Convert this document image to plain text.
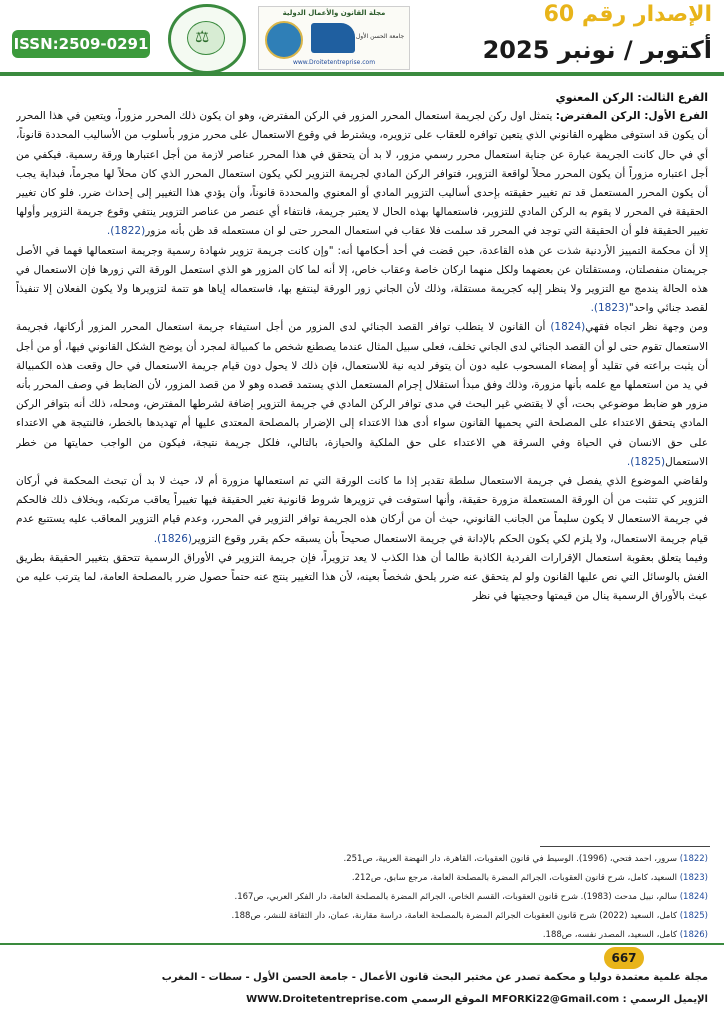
الإصدار رقم 60
أكتوبر / نونبر 2025
مجلة القانون والأعمال الدولية
جامعة الحسن الأول
www.Droitetentreprise.com
⚖
ISSN:2509-0291
الفرع الثالث: الركن المعنوي

الفرع الأول: الركن المفترض: يتمثل اول ركن لجريمة استعمال المحرر المزور في الركن المفترض، وهو ان يكون ذلك المحرر مزوراً، ويتعين في هذا المحرر أن يكون قد استوفى مظهره القانوني الذي يتعين توافره للعقاب على تزويره، ويشترط في وقوع الاستعمال على محرر مزور بأسلوب من الأساليب المحددة قانوناً، أي في حال كانت الجريمة عبارة عن جناية استعمال محرر رسمي مزور، لا بد أن يتحقق في هذا المحرر عناصر لازمة من أجل اعتبارها ورقة رسمية. فيكفي من أجل اعتباره مزوراً أن يكون المحرر محلاً لواقعة التزوير، فتوافر الركن المادي لجريمة التزوير لكي يكون استعمال المحرر الذي كان محلاً لها مجرماً، فبداية يجب أن يكون المحرر المستعمل قد تم تغيير حقيقته بإحدى أساليب التزوير المادي أو المعنوي والمحددة قانوناً، وأن يؤدي هذا التغيير إلى إحداث ضرر. فلو كان تغيير الحقيقة في المحرر لا يقوم به الركن المادي للتزوير، فاستعمالها بهذه الحال لا يعتبر جريمة، فانتفاء أي عنصر من عناصر التزوير ينتفي وقوع جريمة التزوير وأولها تغيير الحقيقة فلو أن الحقيقة التي توجد في المحرر قد سلمت فلا عقاب في استعمال المحرر حتى لو ان مستعمله قد ظن بأنه مزور(1822).

إلا أن محكمة التمييز الأردنية شذت عن هذه القاعدة، حين قضت في أحد أحكامها أنه: "وإن كانت جريمة تزوير شهادة رسمية وجريمة استعمالها فهما في الأصل جريمتان منفصلتان، ومستقلتان عن بعضهما ولكل منهما اركان خاصة وعقاب خاص، إلا أنه لما كان المزور هو الذي استعمل الورقة التي زورها فإن الاستعمال في هذه الحالة يندمج مع التزوير ولا ينظر إليه كجريمة مستقلة، وذلك لأن الجاني زور الورقة لينتفع بها، فاستعماله إياها هو تتمة لتزويرها ولا يكون الفعلان إلا تنفيذاً لقصد جنائي واحد"(1823).

ومن وجهة نظر اتجاه فقهي(1824) أن القانون لا يتطلب توافر القصد الجنائي لدى المزور من أجل استيفاء جريمة استعمال المحرر المزور أركانها، فجريمة الاستعمال تقوم حتى لو أن القصد الجنائي لدى الجاني تخلف، فعلى سبيل المثال عندما يصطنع شخص ما كمبيالة لمجرد أن يوضح الشكل القانوني فيها، أو من أجل أن يثبت براعته في تقليد أو إمضاء المسحوب عليه دون أن يتوفر لديه نية للاستعمال، فإن ذلك لا يحول دون قيام جريمة الاستعمال في حال وقعت هذه الكمبيالة في يد من استعملها مع علمه بأنها مزورة، وذلك وفق مبدأ استقلال إجرام المستعمل الذي يستمد قصده وهو لا من قصد المزور، لأن الضابط في وصف المحرر بأنه مزور هو ضابط موضوعي بحت، أي لا يقتضي غير البحث في مدى توافر الركن المادي في جريمة التزوير إضافة لشرطها المفترض، ومحله، ذلك أنه بتوافر الركن المادي يتحقق الاعتداء على المصلحة التي يحميها القانون سواء أدى هذا الاعتداء إلى الإضرار بالمصلحة المعتدى عليها أم تهديدها بالخطر، فالنتيجة هي الاعتداء على حق الانسان في الحياة وفي السرقة هي الاعتداء على حق الملكية والحيازة، بالتالي، فلكل جريمة نتيجة، فيكون من الواجب حمايتها من خطر الاستعمال(1825).

ولقاضي الموضوع الذي يفصل في جريمة الاستعمال سلطة تقدير إذا ما كانت الورقة التي تم استعمالها مزورة أم لا، حيث لا بد أن تبحث المحكمة في أركان التزوير كي تتثبت من أن الورقة المستعملة مزورة حقيقة، وأنها استوفت في تزويرها شروط قانونية تغير الحقيقة فيها تغييراً يعاقب مرتكبه، وبخلاف ذلك فالحكم في جريمة الاستعمال لا يكون سليماً من الجانب القانوني، حيث أن من أركان هذه الجريمة توافر التزوير في المحرر، وعدم قيام التزوير المعاقب عليه يستتبع عدم قيام جريمة الاستعمال، ولا يلزم لكي يكون الحكم بالإدانة في جريمة الاستعمال صحيحاً بأن يسبقه حكم يقرر وقوع التزوير(1826).

وفيما يتعلق بعقوبة استعمال الإقرارات الفردية الكاذبة طالما أن هذا الكذب لا يعد تزويراً، فإن جريمة التزوير في الأوراق الرسمية تتحقق بتغيير الحقيقة بطريق الغش بالوسائل التي نص عليها القانون ولو لم يتحقق عنه ضرر يلحق شخصاً بعينه، لأن هذا التغيير ينتج عنه حتماً حصول ضرر بالمصلحة العامة، لما يترتب عليه من عبث بالأوراق الرسمية ينال من قيمتها وحجيتها في نظر

(1822) سرور، احمد فتحي، (1996). الوسيط في قانون العقوبات، القاهرة، دار النهضة العربية، ص251.

(1823) السعيد، كامل، شرح قانون العقوبات، الجرائم المضرة بالمصلحة العامة، مرجع سابق، ص212.

(1824) سالم، نبيل مدحت (1983). شرح قانون العقوبات، القسم الخاص، الجرائم المضرة بالمصلحة العامة، دار الفكر العربي، ص167.

(1825) كامل، السعيد (2022) شرح قانون العقوبات الجرائم المضرة بالمصلحة العامة، دراسة مقارنة، عمان، دار الثقافة للنشر، ص188.

(1826) كامل، السعيد، المصدر نفسه، ص188.

667
مجلة علمية معتمدة دوليا و محكمة تصدر عن مختبر البحث قانون الأعمال - جامعة الحسن الأول - سطات - المغرب
الإيميل الرسمي : MFORKi22@Gmail.com الموقع الرسمي WWW.Droitetentreprise.com
